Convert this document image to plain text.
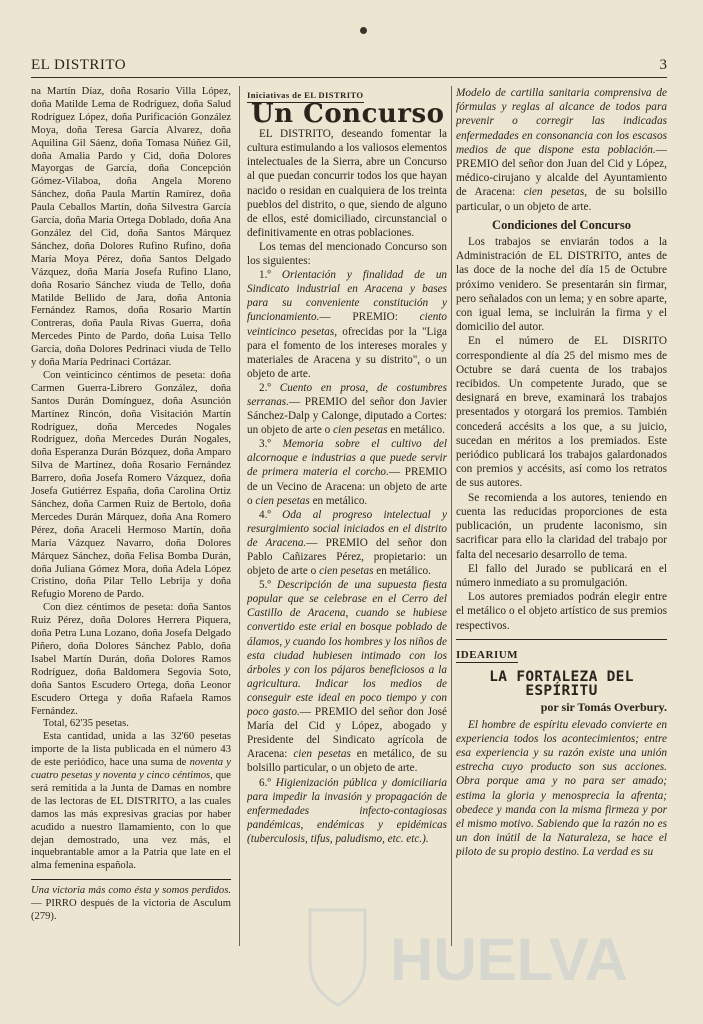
EL DISTRITO	3

na Martín Díaz, doña Rosario Villa López, doña Matilde Lema de Rodríguez, doña Salud Rodríguez López, doña Purificación González Moya, doña Teresa García Alvarez, doña Aquilina Gil Sáenz, doña Tomasa Núñez Gil, doña Amalia Pardo y Cid, doña Dolores Mayorgas de García, doña Concepción Gómez-Vilaboa, doña Angela Moreno Sánchez, doña Paula Martín Ramírez, doña Paula Ceballos Martín, doña Silvestra García García, doña María Ortega Doblado, doña Ana González del Cid, doña Santos Márquez Sánchez, doña Dolores Rufino Rufino, doña María Moya Pérez, doña Santos Delgado Vázquez, doña María Josefa Rufino Llano, doña Rosario Sánchez viuda de Tello, doña Matilde Bellido de Jara, doña Antonia Fernández Ramos, doña Rosario Martín Contreras, doña Paula Rivas Guerra, doña Mercedes Pinto de Pardo, doña Luisa Tello García, doña Dolores Pedrinaci viuda de Tello y doña María Pedrinaci Cortázar.

Con veinticinco céntimos de peseta: doña Carmen Guerra-Librero González, doña Santos Durán Domínguez, doña Asunción Martínez Rincón, doña Visitación Martín Rodríguez, doña Mercedes Nogales Rodríguez, doña Mercedes Durán Nogales, doña Esperanza Durán Bózquez, doña Amparo Silva de Martínez, doña Rosario Fernández Barrero, doña Josefa Romero Vázquez, doña Josefa Gutiérrez España, doña Carolina Ortiz Sánchez, doña Carmen Ruiz de Bertolo, doña Mercedes Durán Márquez, doña Ana Romero Pérez, doña Araceli Hermoso Martín, doña María Vázquez Navarro, doña Dolores Márquez Sánchez, doña Felisa Bomba Durán, doña Juliana Gómez Mora, doña Adela López Cristino, doña Pilar Tello Lebrija y doña Refugio Moreno de Pardo.

Con diez céntimos de peseta: doña Santos Ruiz Pérez, doña Dolores Herrera Piquera, doña Petra Luna Lozano, doña Josefa Delgado Piñero, doña Dolores Sánchez Pablo, doña Isabel Martín Durán, doña Dolores Ramos Rodríguez, doña Baldomera Segovia Soto, doña Santos Escudero Ortega, doña Leonor Escudero Ortega y doña Rafaela Ramos Fernández.

Total, 62'35 pesetas.

Esta cantidad, unida a las 32'60 pesetas importe de la lista publicada en el número 43 de este periódico, hace una suma de noventa y cuatro pesetas y noventa y cinco céntimos, que será remitida a la Junta de Damas en nombre de las lectoras de EL DISTRITO, a las cuales damos las más expresivas gracias por haber acudido a nuestro llamamiento, con lo que dejan demostrado, una vez más, el inquebrantable amor a la Patria que late en el alma femenina española.

Una victoria más como ésta y somos perdidos. — PIRRO después de la victoria de Asculum (279).

Iniciativas de EL DISTRITO
Un Concurso

EL DISTRITO, deseando fomentar la cultura estimulando a los valiosos elementos intelectuales de la Sierra, abre un Concurso al que puedan concurrir todos los que hayan nacido o residan en cualquiera de los treinta pueblos del distrito, o que, siendo de alguno de ellos, esté domiciliado, circunstancial o definitivamente en otras poblaciones.

Los temas del mencionado Concurso son los siguientes:

1.º Orientación y finalidad de un Sindicato industrial en Aracena y bases para su conveniente constitución y funcionamiento.— PREMIO: ciento veinticinco pesetas, ofrecidas por la "Liga para el fomento de los intereses morales y materiales de Aracena y su distrito", o un objeto de arte.

2.º Cuento en prosa, de costumbres serranas.— PREMIO del señor don Javier Sánchez-Dalp y Calonge, diputado a Cortes: un objeto de arte o cien pesetas en metálico.

3.º Memoria sobre el cultivo del alcornoque e industrias a que puede servir de primera materia el corcho.— PREMIO de un Vecino de Aracena: un objeto de arte o cien pesetas en metálico.

4.º Oda al progreso intelectual y resurgimiento social iniciados en el distrito de Aracena.— PREMIO del señor don Pablo Cañizares Pérez, propietario: un objeto de arte o cien pesetas en metálico.

5.º Descripción de una supuesta fiesta popular que se celebrase en el Cerro del Castillo de Aracena, cuando se hubiese convertido este erial en bosque poblado de álamos, y cuando los hombres y los niños de esta ciudad hubiesen intimado con los árboles y con los pájaros beneficiosos a la agricultura. Indicar los medios de conseguir este ideal en poco tiempo y con poco gasto.— PREMIO del señor don José María del Cid y López, abogado y Presidente del Sindicato agrícola de Aracena: cien pesetas en metálico, de su bolsillo particular, o un objeto de arte.

6.º Higienización pública y domiciliaria para impedir la invasión y propagación de enfermedades infecto-contagiosas pandémicas, endémicas y epidémicas (tuberculosis, tifus, paludismo, etc. etc.).

Modelo de cartilla sanitaria comprensiva de fórmulas y reglas al alcance de todos para prevenir o corregir las indicadas enfermedades en consonancia con los escasos medios de que dispone esta población.— PREMIO del señor don Juan del Cid y López, médico-cirujano y alcalde del Ayuntamiento de Aracena: cien pesetas, de su bolsillo particular, o un objeto de arte.

Condiciones del Concurso

Los trabajos se enviarán todos a la Administración de EL DISTRITO, antes de las doce de la noche del día 15 de Octubre próximo venidero. Se presentarán sin firmar, pero señalados con un lema; y en sobre aparte, con igual lema, se incluirán la firma y el domicilio del autor.

En el número de EL DISRITO correspondiente al día 25 del mismo mes de Octubre se dará cuenta de los trabajos recibidos. Un competente Jurado, que se designará en breve, examinará los trabajos presentados y otorgará los premios. También concederá accésits a los que, a su juicio, sucedan en méritos a los premiados. Este periódico publicará los trabajos galardonados con premios y accésits, así como los retratos de sus autores.

Se recomienda a los autores, teniendo en cuenta las reducidas proporciones de esta publicación, un prudente laconismo, sin sacrificar para ello la claridad del trabajo por falta del necesario desarrollo de tema.

El fallo del Jurado se publicará en el número inmediato a su promulgación.

Los autores premiados podrán elegir entre el metálico o el objeto artístico de sus premios respectivos.

IDEARIUM
LA FORTALEZA DEL ESPÍRITU
por sir Tomás Overbury.

El hombre de espíritu elevado convierte en experiencia todos los acontecimientos; entre esa experiencia y su razón existe una unión estrecha cuyo producto son sus acciones. Obra porque ama y no para ser amado; estima la gloria y menosprecia la afrenta; obedece y manda con la misma firmeza y por el mismo motivo. Sabiendo que la razón no es un don inútil de la Naturaleza, se hace el piloto de su propio destino. La verdad es su

HUELVA
